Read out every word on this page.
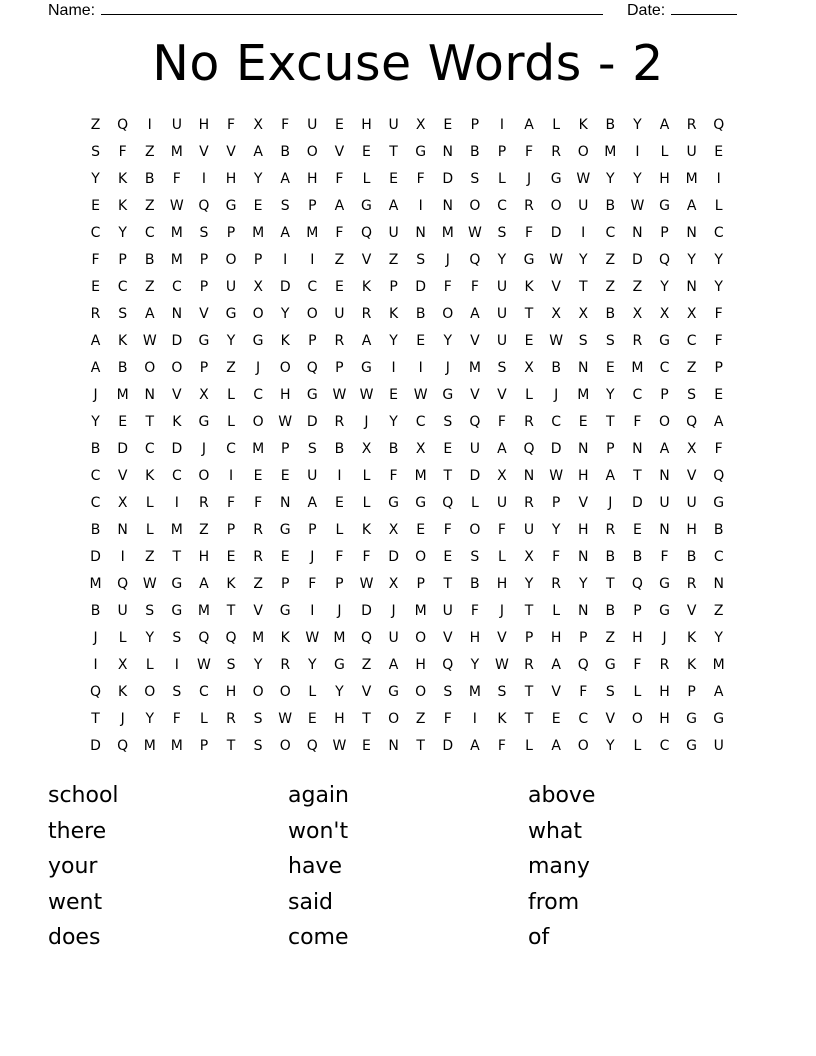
Name:	Date:
No Excuse Words - 2
Z	Q	I	U	H	F	X	F	U	E	H	U	X	E	P	I	A	L	K	B	Y	A	R	Q
S	F	Z	M	V	V	A	B	O	V	E	T	G	N	B	P	F	R	O	M	I	L	U	E
Y	K	B	F	I	H	Y	A	H	F	L	E	F	D	S	L	J	G	W	Y	Y	H	M	I
E	K	Z	W	Q	G	E	S	P	A	G	A	I	N	O	C	R	O	U	B	W	G	A	L
C	Y	C	M	S	P	M	A	M	F	Q	U	N	M	W	S	F	D	I	C	N	P	N	C
F	P	B	M	P	O	P	I	I	Z	V	Z	S	J	Q	Y	G	W	Y	Z	D	Q	Y	Y
E	C	Z	C	P	U	X	D	C	E	K	P	D	F	F	U	K	V	T	Z	Z	Y	N	Y
R	S	A	N	V	G	O	Y	O	U	R	K	B	O	A	U	T	X	X	B	X	X	X	F
A	K	W	D	G	Y	G	K	P	R	A	Y	E	Y	V	U	E	W	S	S	R	G	C	F
A	B	O	O	P	Z	J	O	Q	P	G	I	I	J	M	S	X	B	N	E	M	C	Z	P
J	M	N	V	X	L	C	H	G	W W	E	W	G	V	V	L	J	M	Y	C	P	S	E
Y	E	T	K	G	L	O	W	D	R	J	Y	C	S	Q	F	R	C	E	T	F	O	Q	A
B	D	C	D	J	C	M	P	S	B	X	B	X	E	U	A	Q	D	N	P	N	A	X	F
C	V	K	C	O	I	E	E	U	I	L	F	M	T	D	X	N	W	H	A	T	N	V	Q
C	X	L	I	R	F	F	N	A	E	L	G	G	Q	L	U	R	P	V	J	D	U	U	G
B	N	L	M	Z	P	R	G	P	L	K	X	E	F	O	F	U	Y	H	R	E	N	H	B
D	I	Z	T	H	E	R	E	J	F	F	D	O	E	S	L	X	F	N	B	B	F	B	C
M	Q	W	G	A	K	Z	P	F	P	W	X	P	T	B	H	Y	R	Y	T	Q	G	R	N
B	U	S	G	M	T	V	G	I	J	D	J	M	U	F	J	T	L	N	B	P	G	V	Z
J	L	Y	S	Q	Q	M	K	W	M	Q	U	O	V	H	V	P	H	P	Z	H	J	K	Y
I	X	L	I	W	S	Y	R	Y	G	Z	A	H	Q	Y	W	R	A	Q	G	F	R	K	M
Q	K	O	S	C	H	O	O	L	Y	V	G	O	S	M	S	T	V	F	S	L	H	P	A
T	J	Y	F	L	R	S	W	E	H	T	O	Z	F	I	K	T	E	C	V	O	H	G	G
D	Q	M	M	P	T	S	O	Q	W	E	N	T	D	A	F	L	A	O	Y	L	C	G	U
school	again	above
there	won't	what
your	have	many
went	said	from
does	come	of
